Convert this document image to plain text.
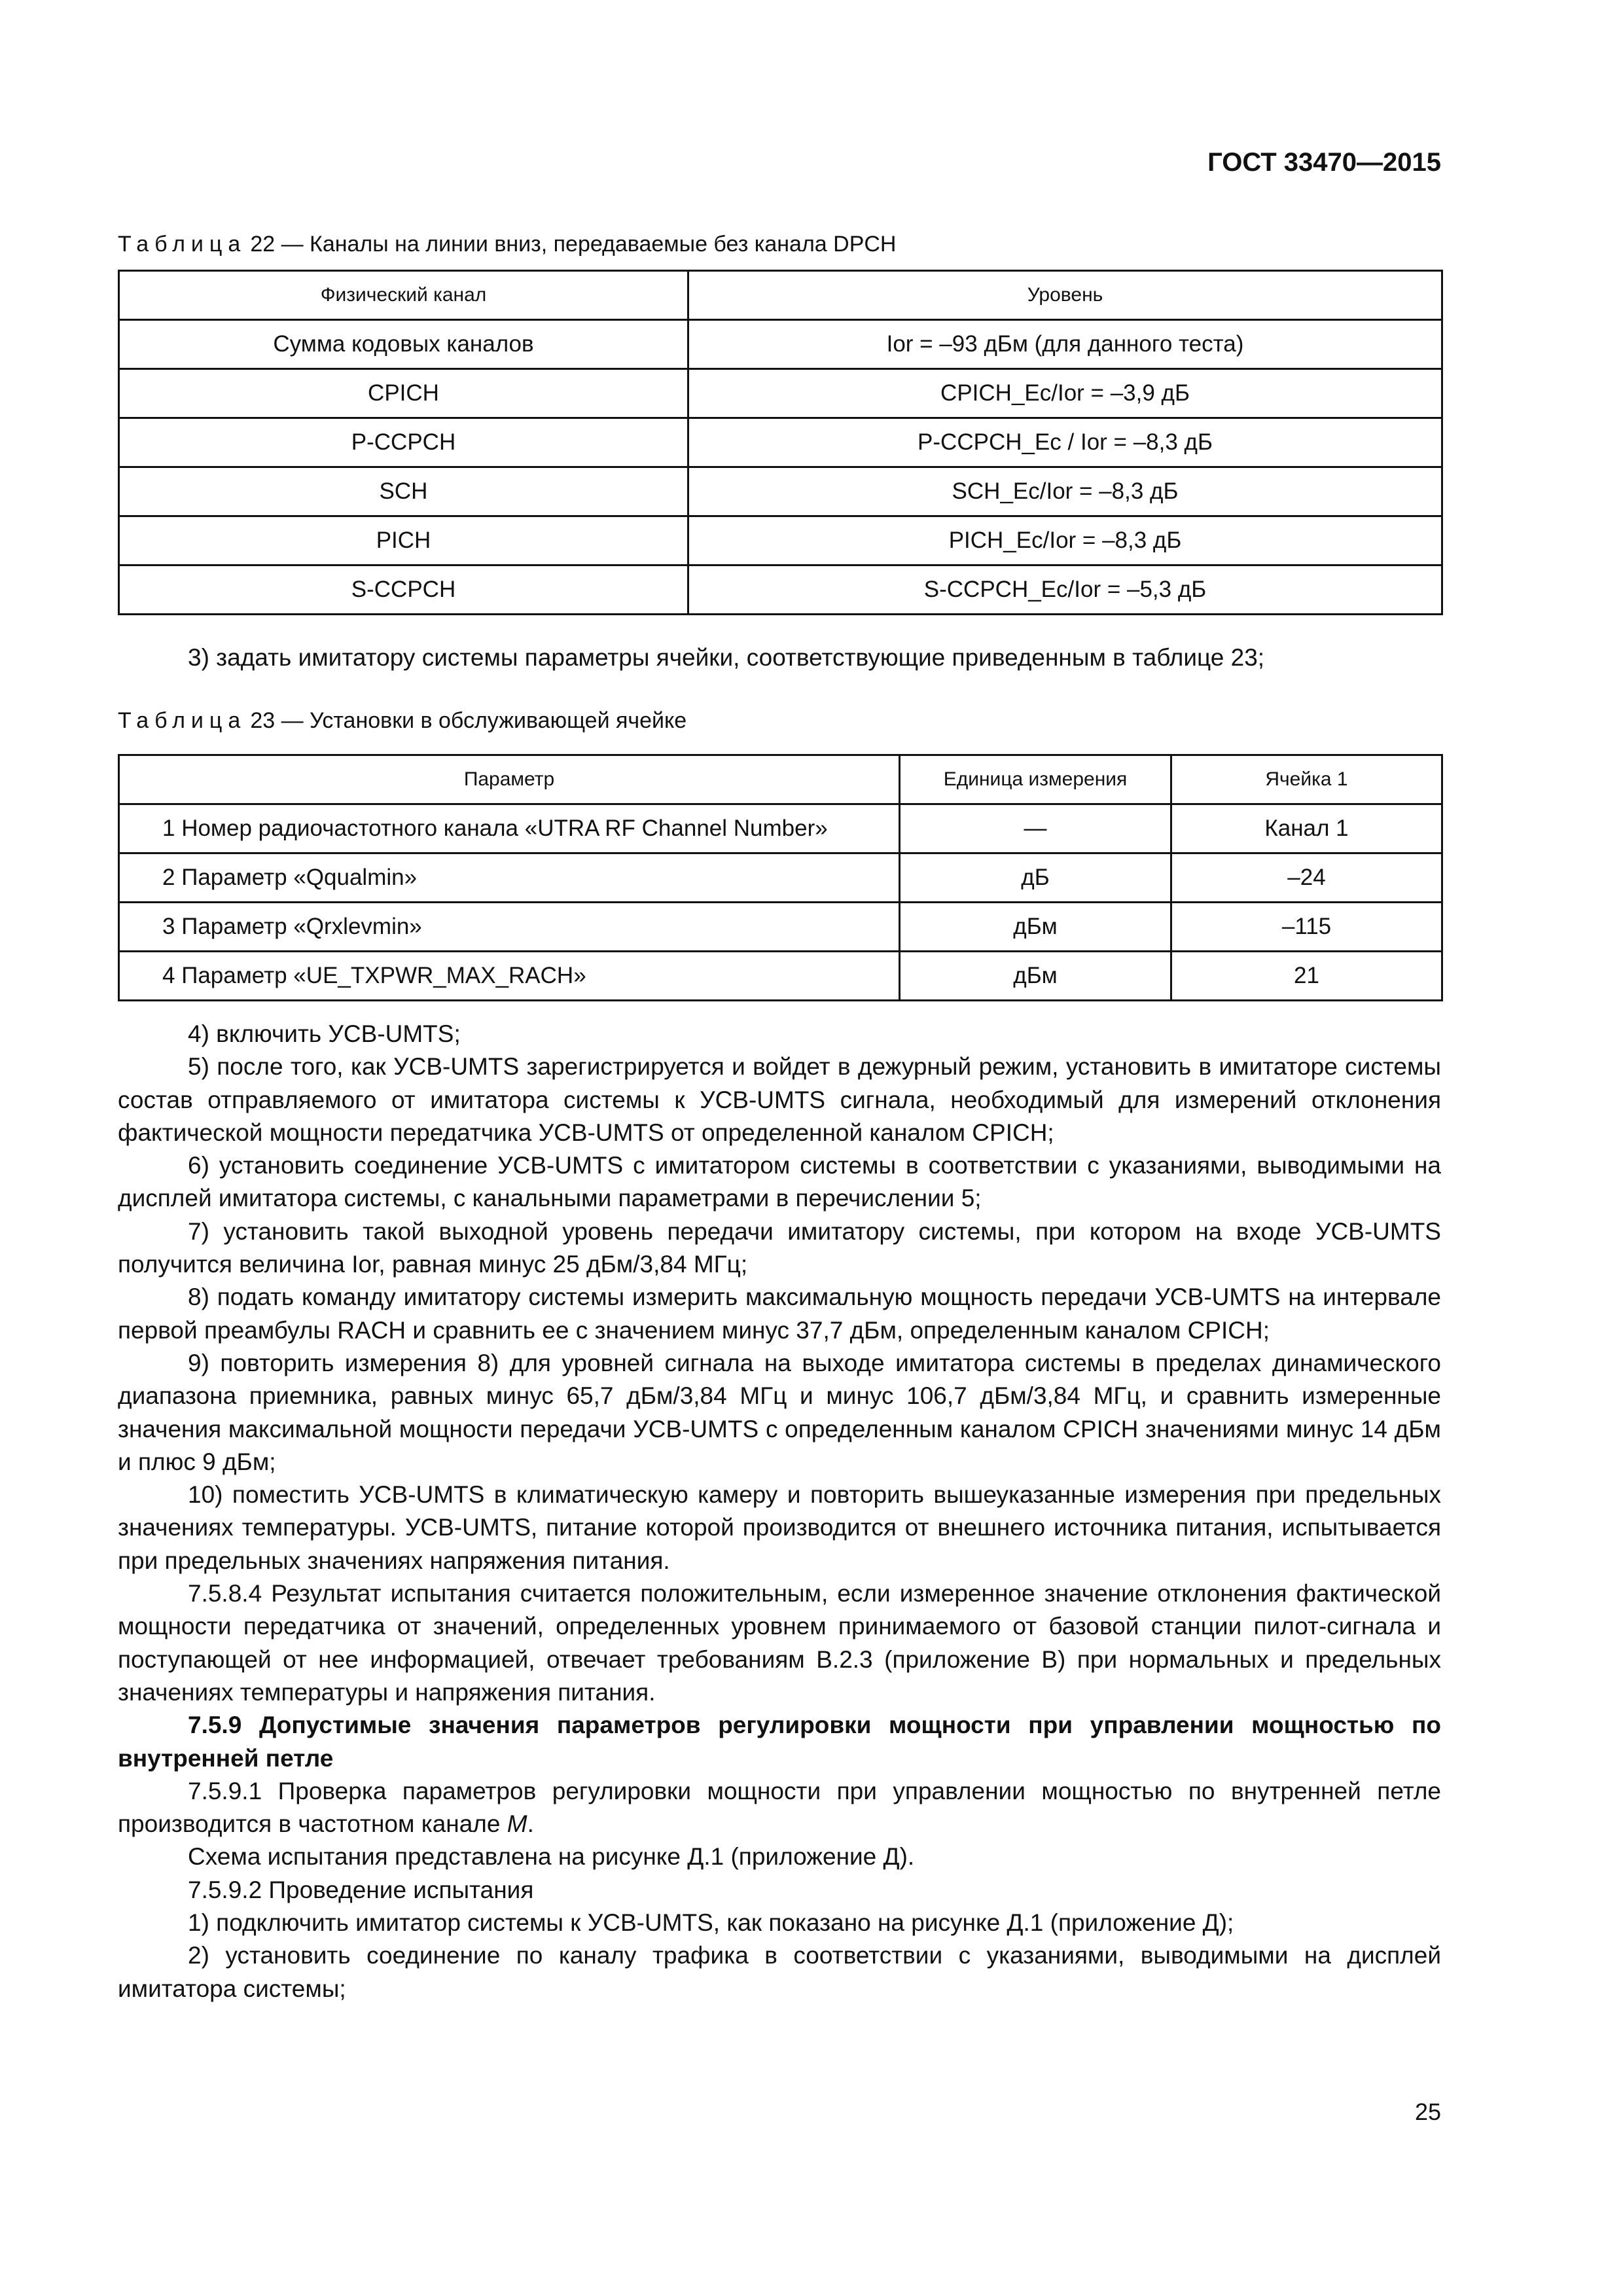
ГОСТ 33470—2015
Таблица 22 — Каналы на линии вниз, передаваемые без канала DPCH
Физический канал	Уровень
Сумма кодовых каналов	Ior = –93 дБм (для данного теста)
CPICH	CPICH_Ec/Ior = –3,9 дБ
P-CCPCH	P-CCPCH_Ec / Ior = –8,3 дБ
SCH	SCH_Ec/Ior = –8,3 дБ
PICH	PICH_Ec/Ior = –8,3 дБ
S-CCPCH	S-CCPCH_Ec/Ior = –5,3 дБ
3) задать имитатору системы параметры ячейки, соответствующие приведенным в таблице 23;
Таблица 23 — Установки в обслуживающей ячейке
Параметр	Единица измерения	Ячейка 1
1 Номер радиочастотного канала «UTRA RF Channel Number»	—	Канал 1
2 Параметр «Qqualmin»	дБ	–24
3 Параметр «Qrxlevmin»	дБм	–115
4 Параметр «UE_TXPWR_MAX_RACH»	дБм	21

4) включить УСВ-UMTS;

5) после того, как УСВ-UMTS зарегистрируется и войдет в дежурный режим, установить в имитаторе системы состав отправляемого от имитатора системы к УСВ-UMTS сигнала, необходимый для измерений отклонения фактической мощности передатчика УСВ-UMTS от определенной каналом CPICH;

6) установить соединение УСВ-UMTS с имитатором системы в соответствии с указаниями, выводимыми на дисплей имитатора системы, с канальными параметрами в перечислении 5;

7) установить такой выходной уровень передачи имитатору системы, при котором на входе УСВ-UMTS получится величина Ior, равная минус 25 дБм/3,84 МГц;

8) подать команду имитатору системы измерить максимальную мощность передачи УСВ-UMTS на интервале первой преамбулы RACH и сравнить ее с значением минус 37,7 дБм, определенным каналом CPICH;

9) повторить измерения 8) для уровней сигнала на выходе имитатора системы в пределах динамического диапазона приемника, равных минус 65,7 дБм/3,84 МГц и минус 106,7 дБм/3,84 МГц, и сравнить измеренные значения максимальной мощности передачи УСВ-UMTS с определенным каналом CPICH значениями минус 14 дБм и плюс 9 дБм;

10) поместить УСВ-UMTS в климатическую камеру и повторить вышеуказанные измерения при предельных значениях температуры. УСВ-UMTS, питание которой производится от внешнего источника питания, испытывается при предельных значениях напряжения питания.

7.5.8.4 Результат испытания считается положительным, если измеренное значение отклонения фактической мощности передатчика от значений, определенных уровнем принимаемого от базовой станции пилот-сигнала и поступающей от нее информацией, отвечает требованиям В.2.3 (приложение В) при нормальных и предельных значениях температуры и напряжения питания.

7.5.9 Допустимые значения параметров регулировки мощности при управлении мощностью по внутренней петле

7.5.9.1 Проверка параметров регулировки мощности при управлении мощностью по внутренней петле производится в частотном канале M.

Схема испытания представлена на рисунке Д.1 (приложение Д).

7.5.9.2 Проведение испытания

1) подключить имитатор системы к УСВ-UMTS, как показано на рисунке Д.1 (приложение Д);

2) установить соединение по каналу трафика в соответствии с указаниями, выводимыми на дисплей имитатора системы;

25
